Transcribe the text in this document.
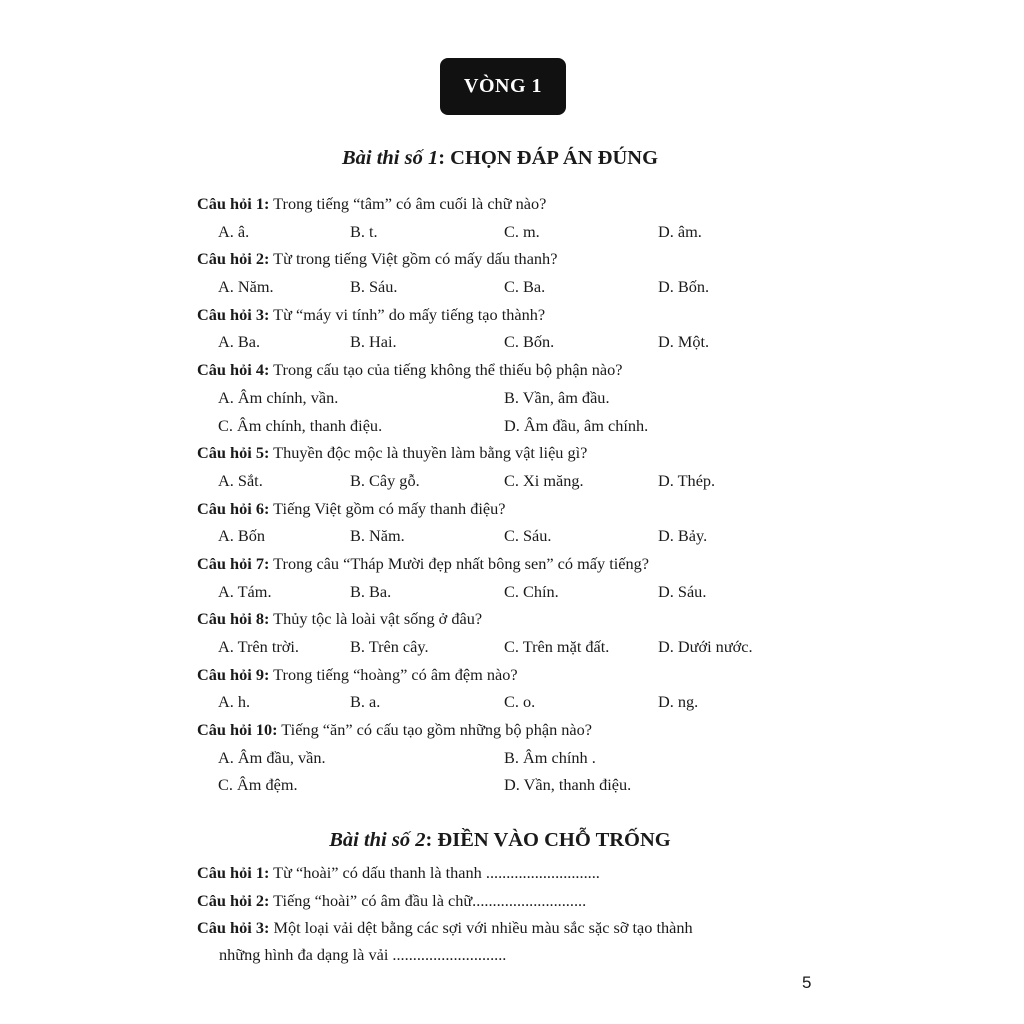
VÒNG 1
Bài thi số 1: CHỌN ĐÁP ÁN ĐÚNG
Câu hỏi 1: Trong tiếng “tâm” có âm cuối là chữ nào?
A. â.	B. t.	C. m.	D. âm.
Câu hỏi 2: Từ trong tiếng Việt gồm có mấy dấu thanh?
A. Năm.	B. Sáu.	C. Ba.	D. Bốn.
Câu hỏi 3: Từ “máy vi tính” do mấy tiếng tạo thành?
A. Ba.	B. Hai.	C. Bốn.	D. Một.
Câu hỏi 4: Trong cấu tạo của tiếng không thể thiếu bộ phận nào?
A. Âm chính, vần.	B. Vần, âm đầu.
C. Âm chính, thanh điệu.	D. Âm đầu, âm chính.
Câu hỏi 5: Thuyền độc mộc là thuyền làm bằng vật liệu gì?
A. Sắt.	B. Cây gỗ.	C. Xi măng.	D. Thép.
Câu hỏi 6: Tiếng Việt gồm có mấy thanh điệu?
A. Bốn	B. Năm.	C. Sáu.	D. Bảy.
Câu hỏi 7: Trong câu “Tháp Mười đẹp nhất bông sen” có mấy tiếng?
A. Tám.	B. Ba.	C. Chín.	D. Sáu.
Câu hỏi 8: Thủy tộc là loài vật sống ở đâu?
A. Trên trời.	B. Trên cây.	C. Trên mặt đất.	D. Dưới nước.
Câu hỏi 9: Trong tiếng “hoàng” có âm đệm nào?
A. h.	B. a.	C. o.	D. ng.
Câu hỏi 10: Tiếng “ăn” có cấu tạo gồm những bộ phận nào?
A. Âm đầu, vần.	B. Âm chính .
C. Âm đệm.	D. Vần, thanh điệu.
Bài thi số 2: ĐIỀN VÀO CHỖ TRỐNG
Câu hỏi 1: Từ “hoài” có dấu thanh là thanh ............................
Câu hỏi 2: Tiếng “hoài” có âm đầu là chữ............................
Câu hỏi 3: Một loại vải dệt bằng các sợi với nhiều màu sắc sặc sỡ tạo thành
những hình đa dạng là vải ............................
5
